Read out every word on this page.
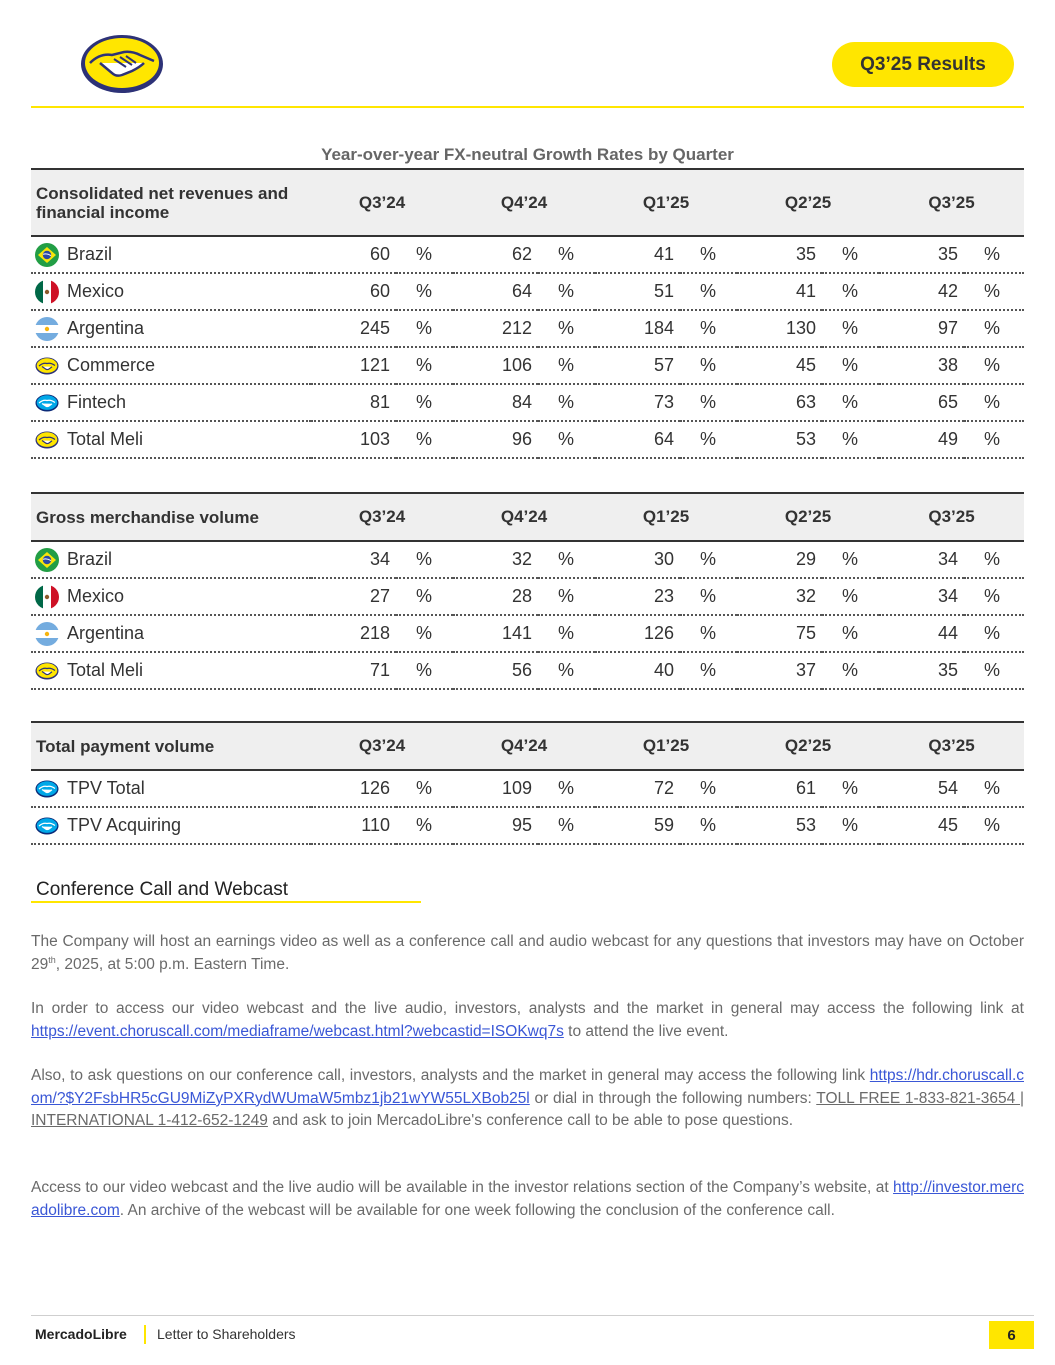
Q3’25 Results
Year-over-year FX-neutral Growth Rates by Quarter
Consolidated net revenues and financial income	Q3’24		Q4’24		Q1’25		Q2’25		Q3’25	

Brazil	60	%	62	%	41	%	35	%	35	%

Mexico	60	%	64	%	51	%	41	%	42	%

Argentina	245	%	212	%	184	%	130	%	97	%

Commerce	121	%	106	%	57	%	45	%	38	%

Fintech	81	%	84	%	73	%	63	%	65	%

Total Meli	103	%	96	%	64	%	53	%	49	%
Gross merchandise volume	Q3’24		Q4’24		Q1’25		Q2’25		Q3’25	

Brazil	34	%	32	%	30	%	29	%	34	%

Mexico	27	%	28	%	23	%	32	%	34	%

Argentina	218	%	141	%	126	%	75	%	44	%

Total Meli	71	%	56	%	40	%	37	%	35	%
Total payment volume	Q3’24		Q4’24		Q1’25		Q2’25		Q3’25	

TPV Total	126	%	109	%	72	%	61	%	54	%

TPV Acquiring	110	%	95	%	59	%	53	%	45	%
Conference Call and Webcast

The Company will host an earnings video as well as a conference call and audio webcast for any questions that investors may have on October 29th, 2025, at 5:00 p.m. Eastern Time.

In order to access our video webcast and the live audio, investors, analysts and the market in general may access the following link at https://event.choruscall.com/mediaframe/webcast.html?webcastid=ISOKwq7s to attend the live event.

Also, to ask questions on our conference call, investors, analysts and the market in general may access the following link https://hdr.choruscall.com/?$Y2FsbHR5cGU9MiZyPXRydWUmaW5mbz1jb21wYW55LXBob25l or dial in through the following numbers: TOLL FREE 1-833-821-3654 | INTERNATIONAL 1-412-652-1249 and ask to join MercadoLibre's conference call to be able to pose questions.

Access to our video webcast and the live audio will be available in the investor relations section of the Company’s website, at http://investor.mercadolibre.com. An archive of the webcast will be available for one week following the conclusion of the conference call.

MercadoLibre Letter to Shareholders	6
